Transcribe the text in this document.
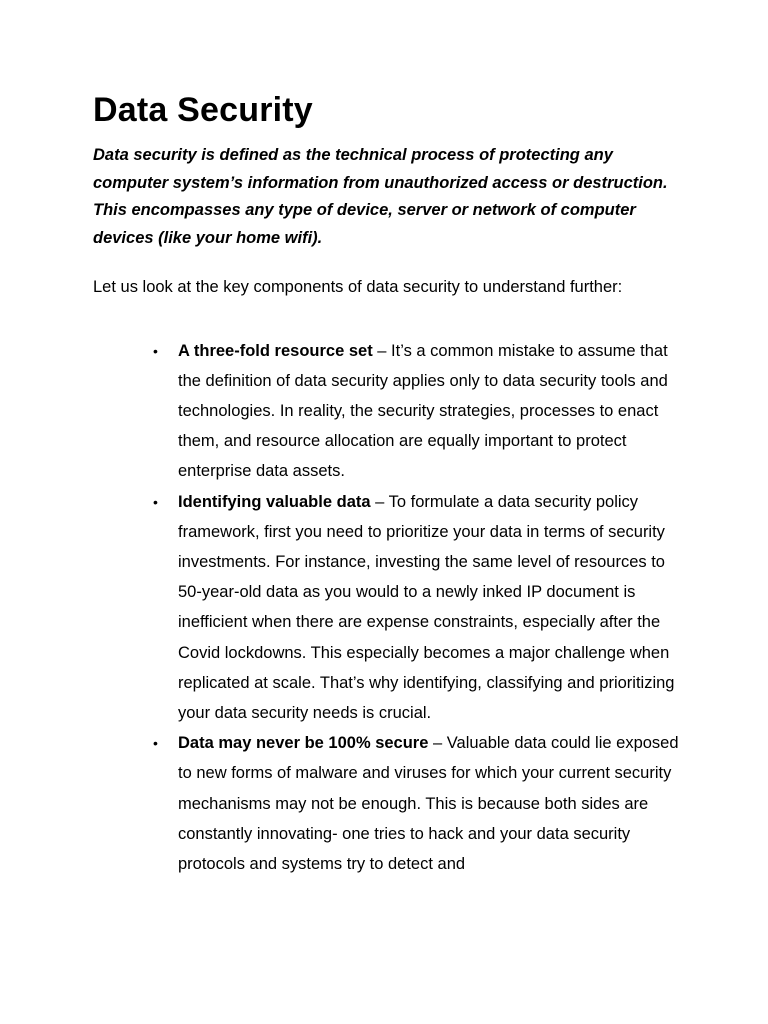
Data Security

Data security is defined as the technical process of protecting any computer system’s information from unauthorized access or destruction. This encompasses any type of device, server or network of computer devices (like your home wifi).

Let us look at the key components of data security to understand further:

• A three-fold resource set – It’s a common mistake to assume that the definition of data security applies only to data security tools and technologies. In reality, the security strategies, processes to enact them, and resource allocation are equally important to protect enterprise data assets.
• Identifying valuable data – To formulate a data security policy framework, first you need to prioritize your data in terms of security investments. For instance, investing the same level of resources to 50-year-old data as you would to a newly inked IP document is inefficient when there are expense constraints, especially after the Covid lockdowns. This especially becomes a major challenge when replicated at scale. That’s why identifying, classifying and prioritizing your data security needs is crucial.
• Data may never be 100% secure – Valuable data could lie exposed to new forms of malware and viruses for which your current security mechanisms may not be enough. This is because both sides are constantly innovating- one tries to hack and your data security protocols and systems try to detect and
